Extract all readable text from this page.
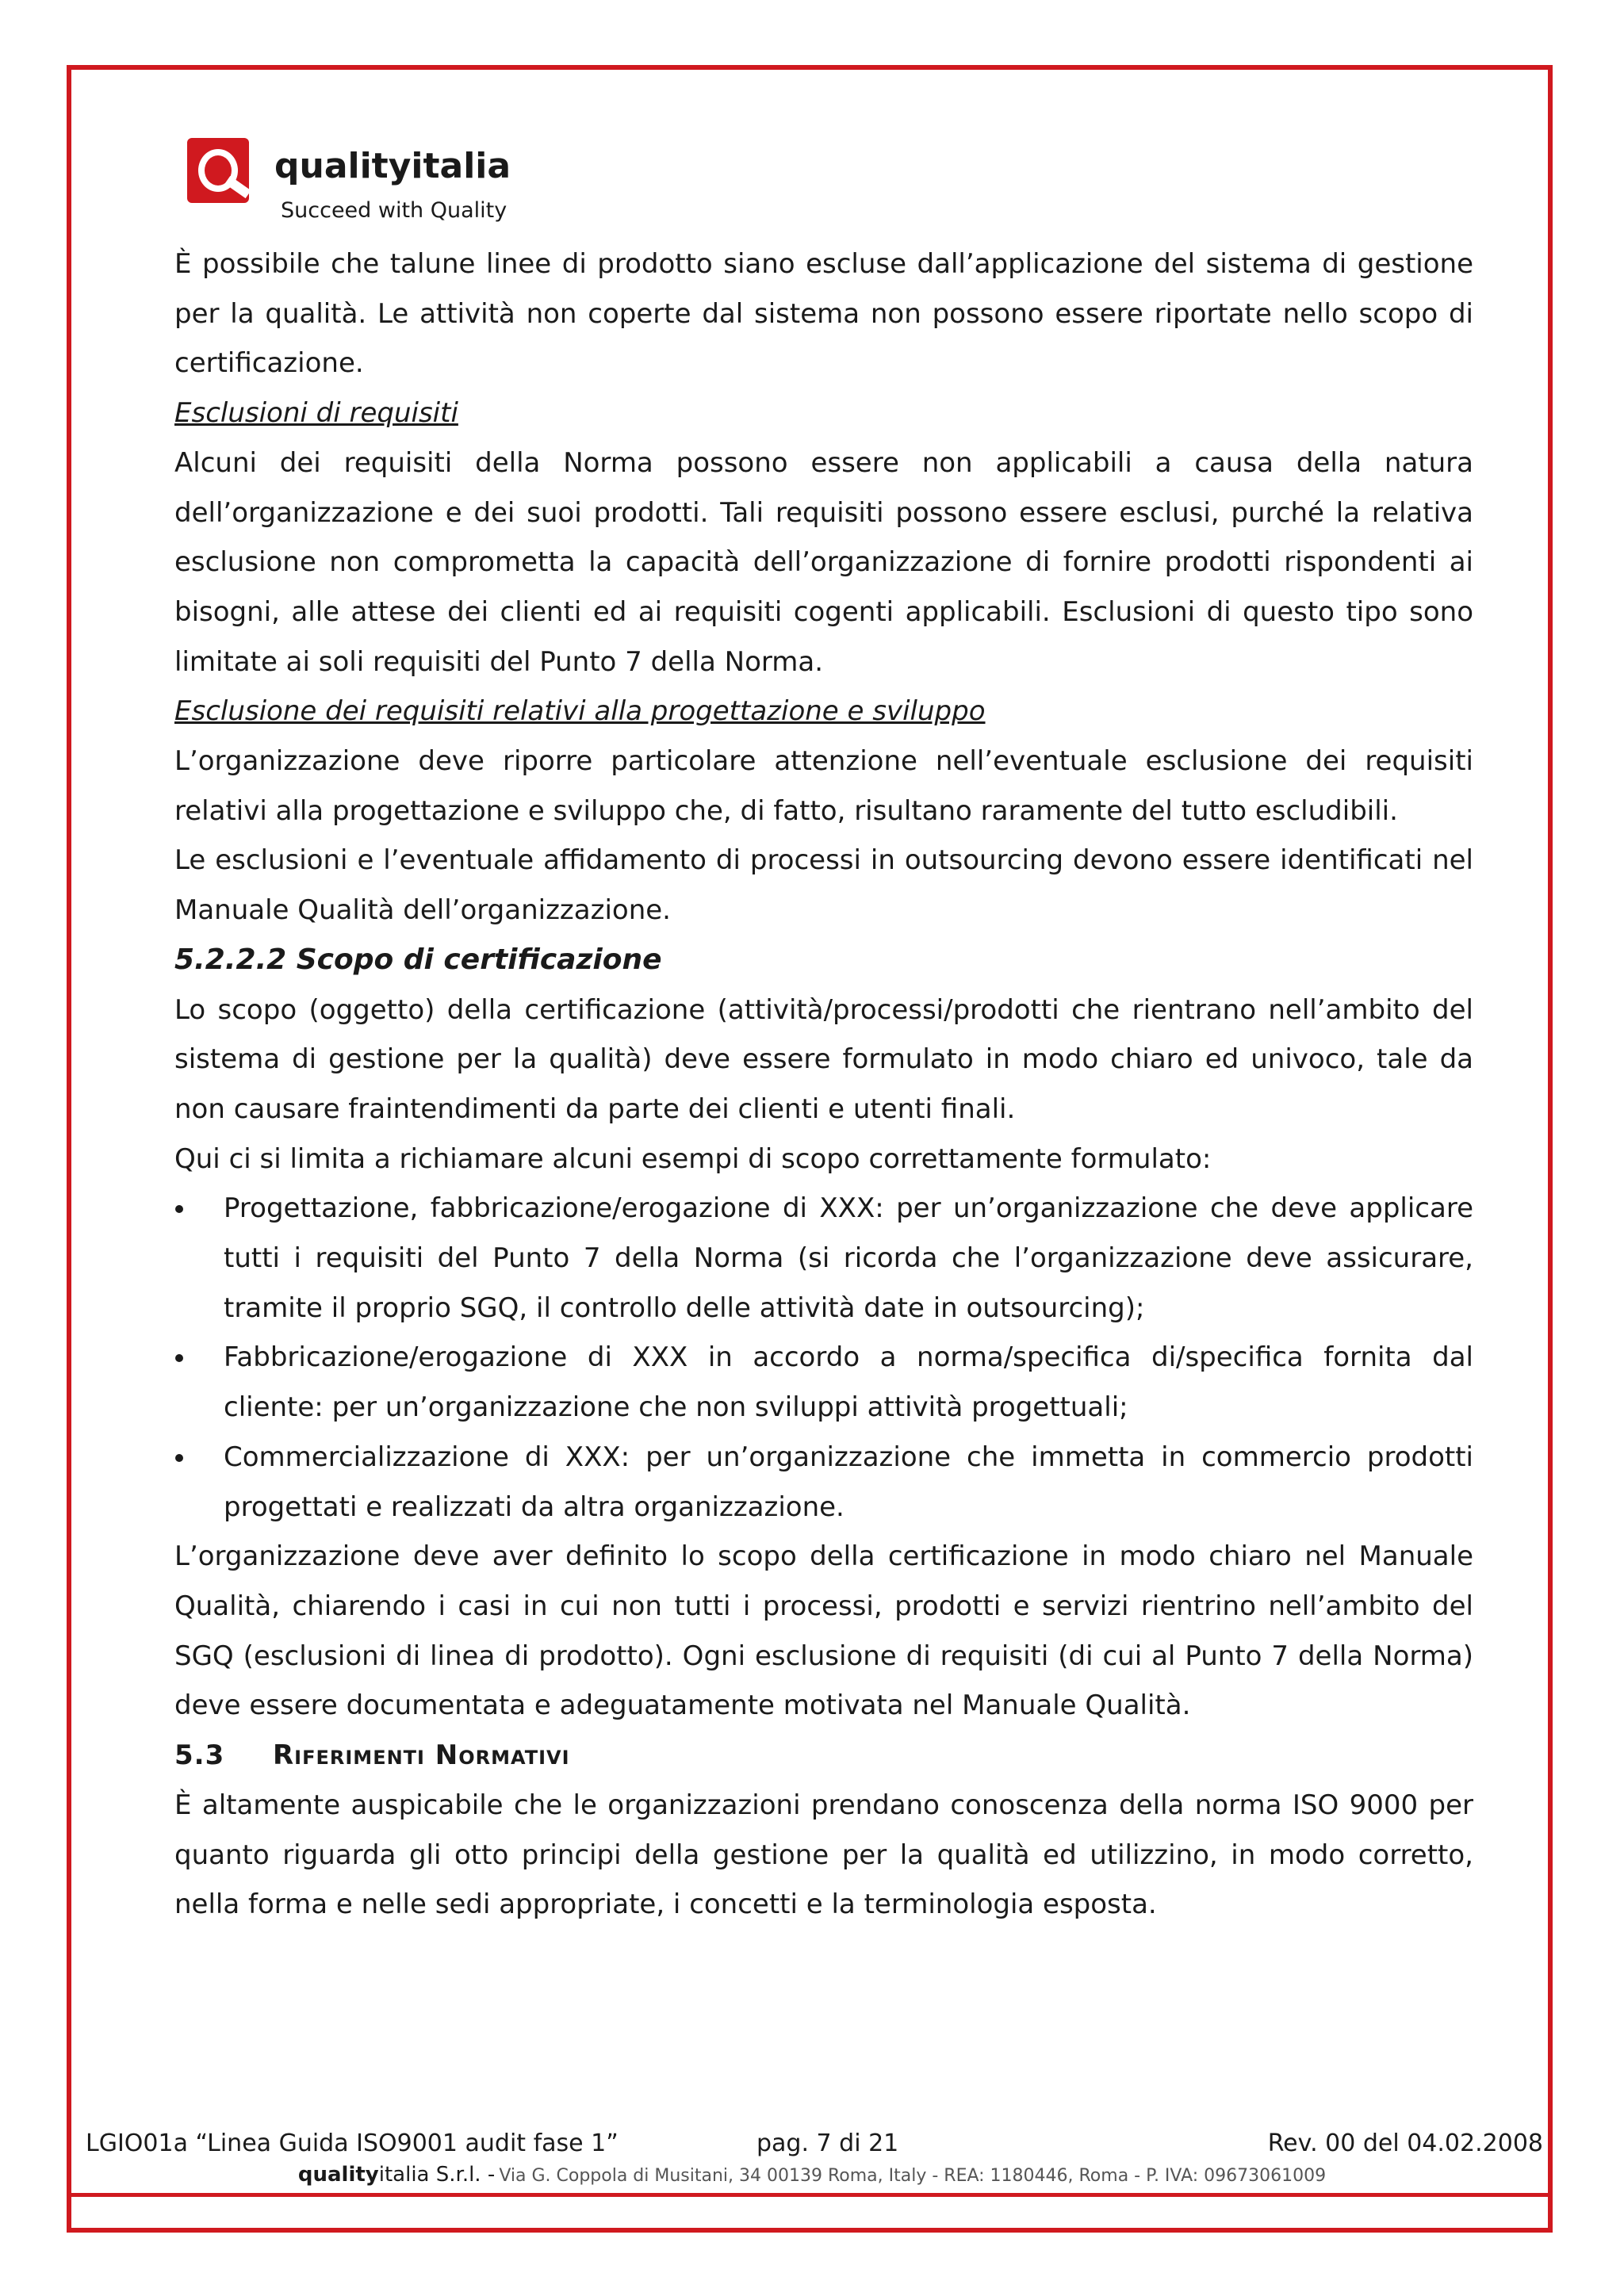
qualityitalia
Succeed with Quality

È possibile che talune linee di prodotto siano escluse dall’applicazione del sistema di gestione per la qualità. Le attività non coperte dal sistema non possono essere riportate nello scopo di certificazione.

Esclusioni di requisiti

Alcuni dei requisiti della Norma possono essere non applicabili a causa della natura dell’organizzazione e dei suoi prodotti. Tali requisiti possono essere esclusi, purché la relativa esclusione non comprometta la capacità dell’organizzazione di fornire prodotti rispondenti ai bisogni, alle attese dei clienti ed ai requisiti cogenti applicabili. Esclusioni di questo tipo sono limitate ai soli requisiti del Punto 7 della Norma.

Esclusione dei requisiti relativi alla progettazione e sviluppo

L’organizzazione deve riporre particolare attenzione nell’eventuale esclusione dei requisiti relativi alla progettazione e sviluppo che, di fatto, risultano raramente del tutto escludibili.

Le esclusioni e l’eventuale affidamento di processi in outsourcing devono essere identificati nel Manuale Qualità dell’organizzazione.

5.2.2.2 Scopo di certificazione

Lo scopo (oggetto) della certificazione (attività/processi/prodotti che rientrano nell’ambito del sistema di gestione per la qualità) deve essere formulato in modo chiaro ed univoco, tale da non causare fraintendimenti da parte dei clienti e utenti finali.

Qui ci si limita a richiamare alcuni esempi di scopo correttamente formulato:

Progettazione, fabbricazione/erogazione di XXX: per un’organizzazione che deve applicare tutti i requisiti del Punto 7 della Norma (si ricorda che l’organizzazione deve assicurare, tramite il proprio SGQ, il controllo delle attività date in outsourcing);
Fabbricazione/erogazione di XXX in accordo a norma/specifica di/specifica fornita dal cliente: per un’organizzazione che non sviluppi attività progettuali;
Commercializzazione di XXX: per un’organizzazione che immetta in commercio prodotti progettati e realizzati da altra organizzazione.

L’organizzazione deve aver definito lo scopo della certificazione in modo chiaro nel Manuale Qualità, chiarendo i casi in cui non tutti i processi, prodotti e servizi rientrino nell’ambito del SGQ (esclusioni di linea di prodotto). Ogni esclusione di requisiti (di cui al Punto 7 della Norma) deve essere documentata e adeguatamente motivata nel Manuale Qualità.

5.3 Riferimenti Normativi

È altamente auspicabile che le organizzazioni prendano conoscenza della norma ISO 9000 per quanto riguarda gli otto principi della gestione per la qualità ed utilizzino, in modo corretto, nella forma e nelle sedi appropriate, i concetti e la terminologia esposta.

LGIO01a “Linea Guida ISO9001 audit fase 1”	pag. 7 di 21	Rev. 00 del 04.02.2008
qualityitalia S.r.l. - Via G. Coppola di Musitani, 34 00139 Roma, Italy - REA: 1180446, Roma - P. IVA: 09673061009
